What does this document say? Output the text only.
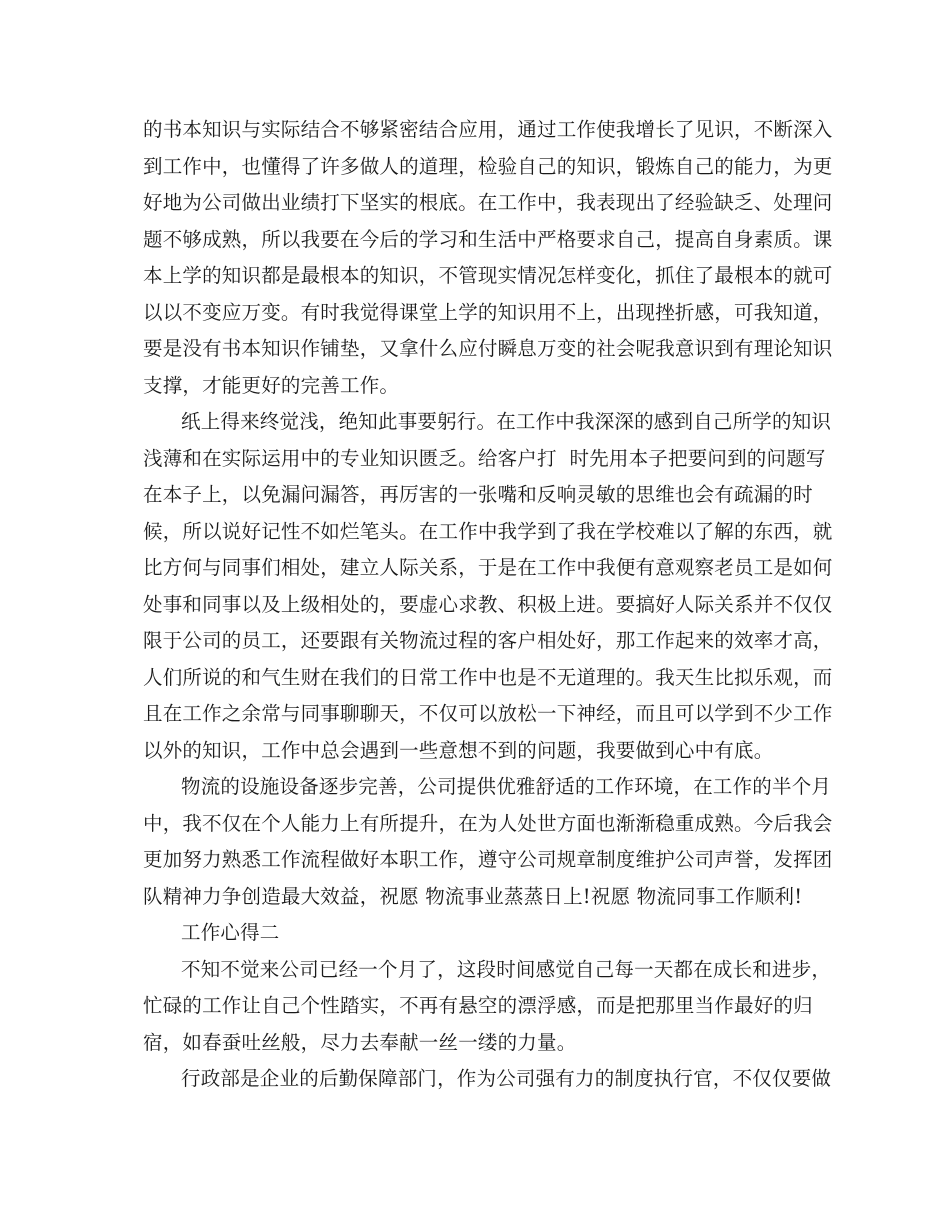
的书本知识与实际结合不够紧密结合应用，通过工作使我增长了见识，不断深入
到工作中，也懂得了许多做人的道理，检验自己的知识，锻炼自己的能力，为更
好地为公司做出业绩打下坚实的根底。在工作中，我表现出了经验缺乏、处理问
题不够成熟，所以我要在今后的学习和生活中严格要求自己，提高自身素质。课
本上学的知识都是最根本的知识，不管现实情况怎样变化，抓住了最根本的就可
以以不变应万变。有时我觉得课堂上学的知识用不上，出现挫折感，可我知道，
要是没有书本知识作铺垫，又拿什么应付瞬息万变的社会呢我意识到有理论知识
支撑，才能更好的完善工作。
纸上得来终觉浅，绝知此事要躬行。在工作中我深深的感到自己所学的知识
浅薄和在实际运用中的专业知识匮乏。给客户打  时先用本子把要问到的问题写
在本子上，以免漏问漏答，再厉害的一张嘴和反响灵敏的思维也会有疏漏的时
候，所以说好记性不如烂笔头。在工作中我学到了我在学校难以了解的东西，就
比方何与同事们相处，建立人际关系，于是在工作中我便有意观察老员工是如何
处事和同事以及上级相处的，要虚心求教、积极上进。要搞好人际关系并不仅仅
限于公司的员工，还要跟有关物流过程的客户相处好，那工作起来的效率才高，
人们所说的和气生财在我们的日常工作中也是不无道理的。我天生比拟乐观，而
且在工作之余常与同事聊聊天，不仅可以放松一下神经，而且可以学到不少工作
以外的知识，工作中总会遇到一些意想不到的问题，我要做到心中有底。
物流的设施设备逐步完善，公司提供优雅舒适的工作环境，在工作的半个月
中，我不仅在个人能力上有所提升，在为人处世方面也渐渐稳重成熟。今后我会
更加努力熟悉工作流程做好本职工作，遵守公司规章制度维护公司声誉，发挥团
队精神力争创造最大效益，祝愿 物流事业蒸蒸日上!祝愿 物流同事工作顺利!
工作心得二
不知不觉来公司已经一个月了，这段时间感觉自己每一天都在成长和进步，
忙碌的工作让自己个性踏实，不再有悬空的漂浮感，而是把那里当作最好的归
宿，如春蚕吐丝般，尽力去奉献一丝一缕的力量。
行政部是企业的后勤保障部门，作为公司强有力的制度执行官，不仅仅要做
